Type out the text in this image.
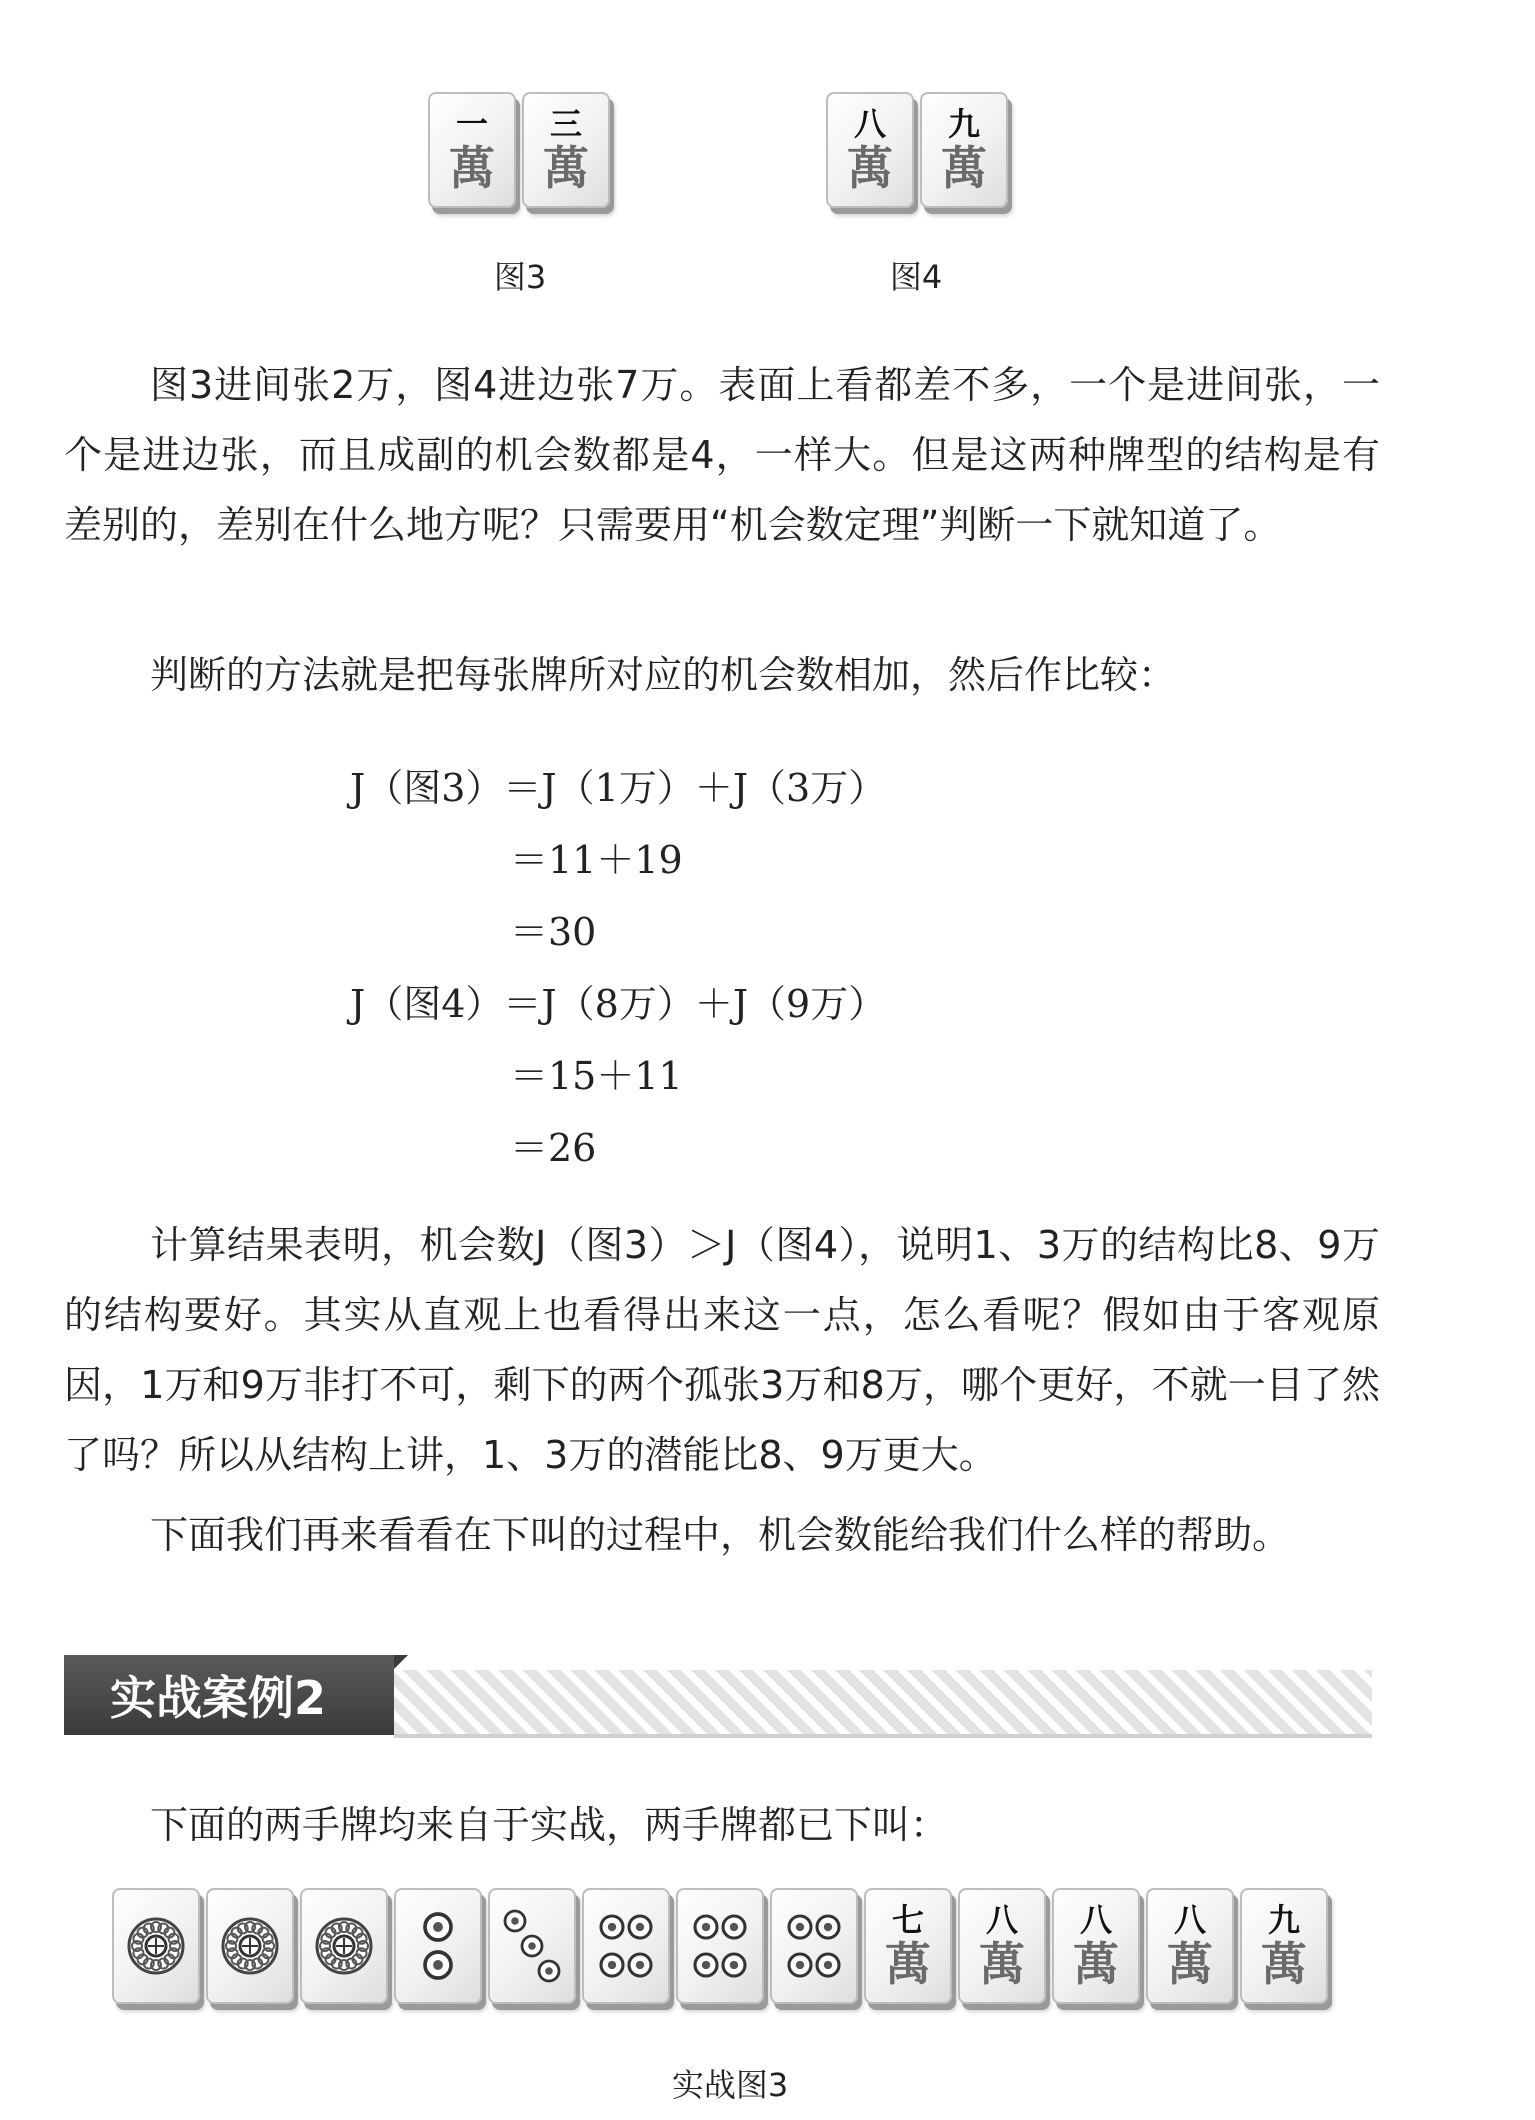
一
萬
三
萬
八
萬
九
萬
图3	图4

图3进间张2万，图4进边张7万。表面上看都差不多，一个是进间张，一个是进边张，而且成副的机会数都是4，一样大。但是这两种牌型的结构是有差别的，差别在什么地方呢？只需要用“机会数定理”判断一下就知道了。

判断的方法就是把每张牌所对应的机会数相加，然后作比较：

J（图3）＝J（1万）＋J（3万）
＝11＋19
＝30
J（图4）＝J（8万）＋J（9万）
＝15＋11
＝26

计算结果表明，机会数J（图3）＞J（图4），说明1、3万的结构比8、9万的结构要好。其实从直观上也看得出来这一点，怎么看呢？假如由于客观原因，1万和9万非打不可，剩下的两个孤张3万和8万，哪个更好，不就一目了然了吗？所以从结构上讲，1、3万的潜能比8、9万更大。

下面我们再来看看在下叫的过程中，机会数能给我们什么样的帮助。

实战案例2

下面的两手牌均来自于实战，两手牌都已下叫：

七
萬
八
萬
八
萬
八
萬
九
萬
实战图3
